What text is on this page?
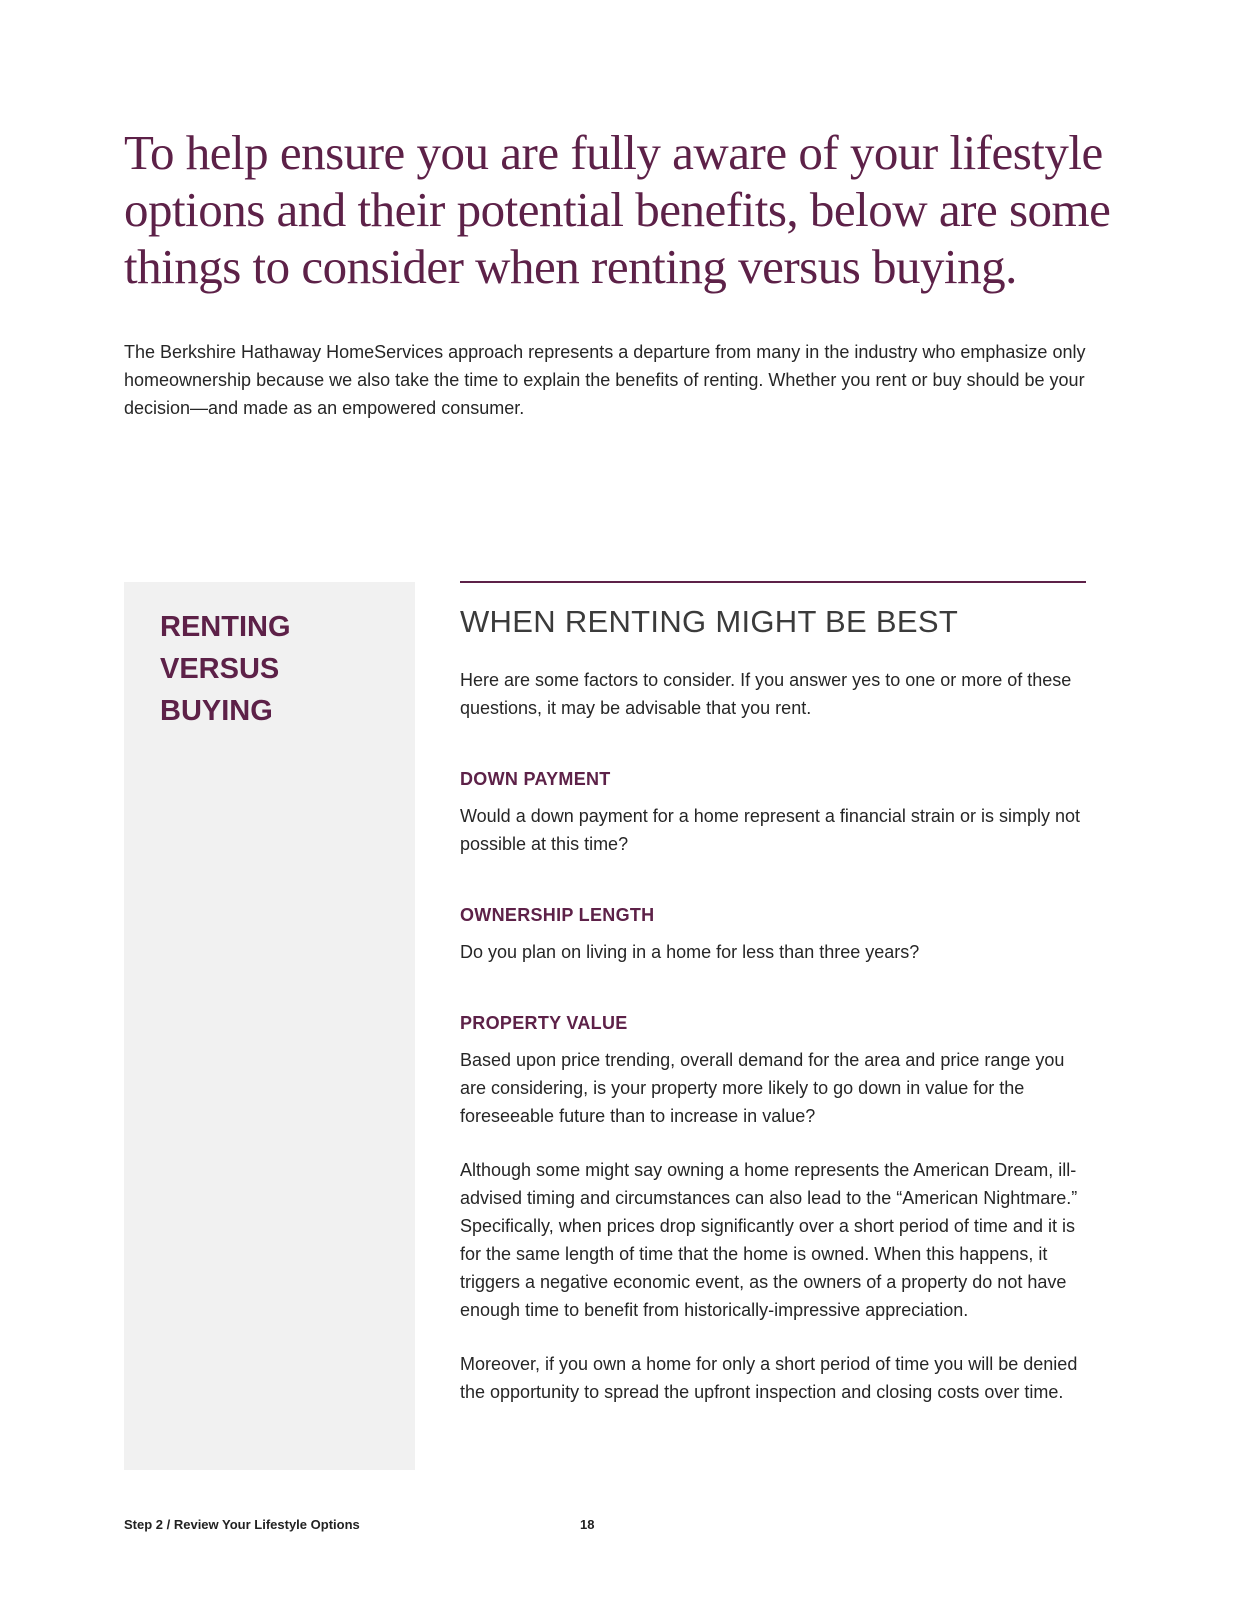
To help ensure you are fully aware of your lifestyle options and their potential benefits, below are some things to consider when renting versus buying.

The Berkshire Hathaway HomeServices approach represents a departure from many in the industry who emphasize only homeownership because we also take the time to explain the benefits of renting. Whether you rent or buy should be your decision—and made as an empowered consumer.

RENTING VERSUS BUYING
WHEN RENTING MIGHT BE BEST

Here are some factors to consider. If you answer yes to one or more of these questions, it may be advisable that you rent.

DOWN PAYMENT

Would a down payment for a home represent a financial strain or is simply not possible at this time?

OWNERSHIP LENGTH

Do you plan on living in a home for less than three years?

PROPERTY VALUE

Based upon price trending, overall demand for the area and price range you are considering, is your property more likely to go down in value for the foreseeable future than to increase in value?

Although some might say owning a home represents the American Dream, ill-advised timing and circumstances can also lead to the “American Nightmare.” Specifically, when prices drop significantly over a short period of time and it is for the same length of time that the home is owned. When this happens, it triggers a negative economic event, as the owners of a property do not have enough time to benefit from historically-impressive appreciation.

Moreover, if you own a home for only a short period of time you will be denied the opportunity to spread the upfront inspection and closing costs over time.

Step 2 / Review Your Lifestyle Options	18
